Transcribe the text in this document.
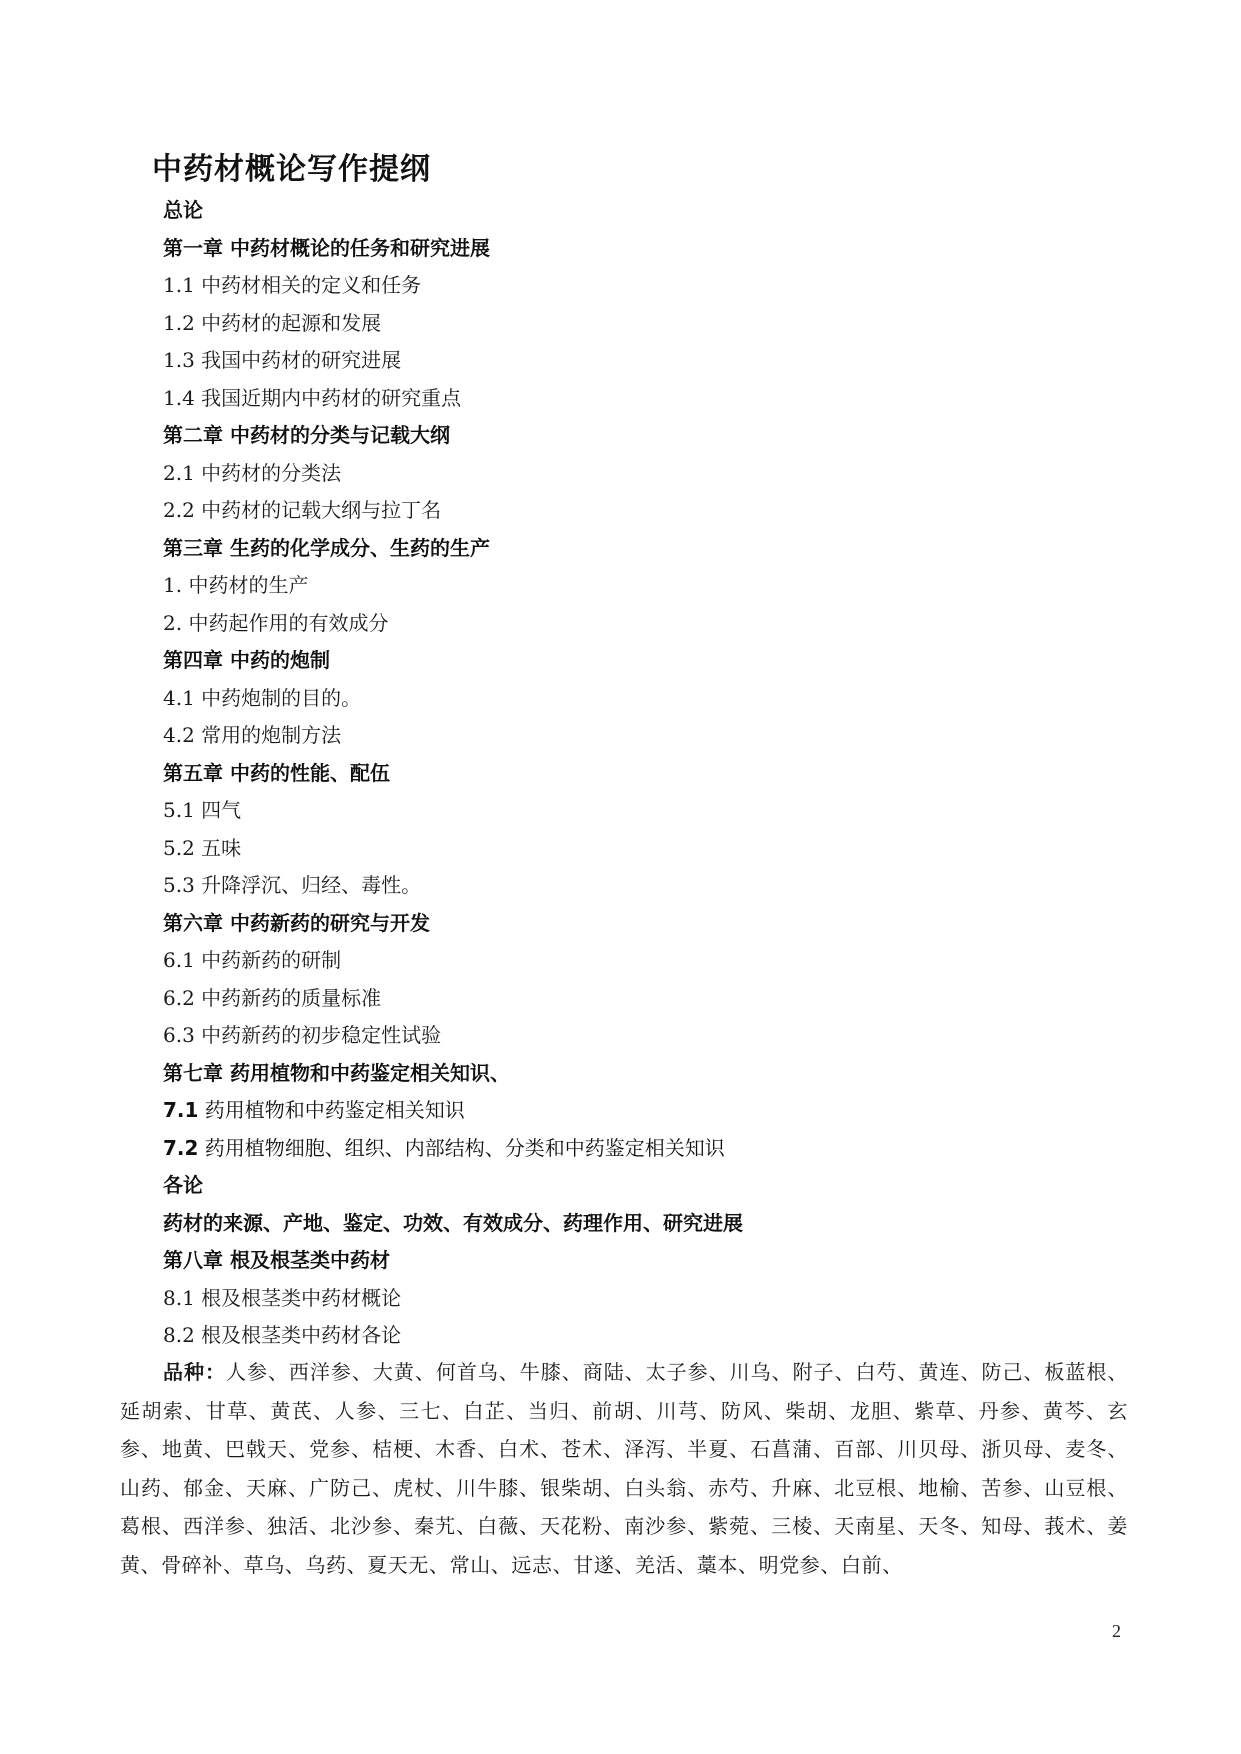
中药材概论写作提纲
总论
第一章 中药材概论的任务和研究进展
1.1 中药材相关的定义和任务
1.2 中药材的起源和发展
1.3 我国中药材的研究进展
1.4 我国近期内中药材的研究重点
第二章 中药材的分类与记载大纲
2.1 中药材的分类法
2.2 中药材的记载大纲与拉丁名
第三章 生药的化学成分、生药的生产
1. 中药材的生产
2. 中药起作用的有效成分
第四章 中药的炮制
4.1 中药炮制的目的。
4.2 常用的炮制方法
第五章 中药的性能、配伍
5.1 四气
5.2 五味
5.3 升降浮沉、归经、毒性。
第六章 中药新药的研究与开发
6.1 中药新药的研制
6.2 中药新药的质量标准
6.3 中药新药的初步稳定性试验
第七章 药用植物和中药鉴定相关知识、
7.1 药用植物和中药鉴定相关知识
7.2 药用植物细胞、组织、内部结构、分类和中药鉴定相关知识
各论
药材的来源、产地、鉴定、功效、有效成分、药理作用、研究进展
第八章 根及根茎类中药材
8.1 根及根茎类中药材概论
8.2 根及根茎类中药材各论

品种：人参、西洋参、大黄、何首乌、牛膝、商陆、太子参、川乌、附子、白芍、黄连、防己、板蓝根、延胡索、甘草、黄芪、人参、三七、白芷、当归、前胡、川芎、防风、柴胡、龙胆、紫草、丹参、黄芩、玄参、地黄、巴戟天、党参、桔梗、木香、白术、苍术、泽泻、半夏、石菖蒲、百部、川贝母、浙贝母、麦冬、山药、郁金、天麻、广防己、虎杖、川牛膝、银柴胡、白头翁、赤芍、升麻、北豆根、地榆、苦参、山豆根、葛根、西洋参、独活、北沙参、秦艽、白薇、天花粉、南沙参、紫菀、三棱、天南星、天冬、知母、莪术、姜黄、骨碎补、草乌、乌药、夏天无、常山、远志、甘遂、羌活、藁本、明党参、白前、

2
